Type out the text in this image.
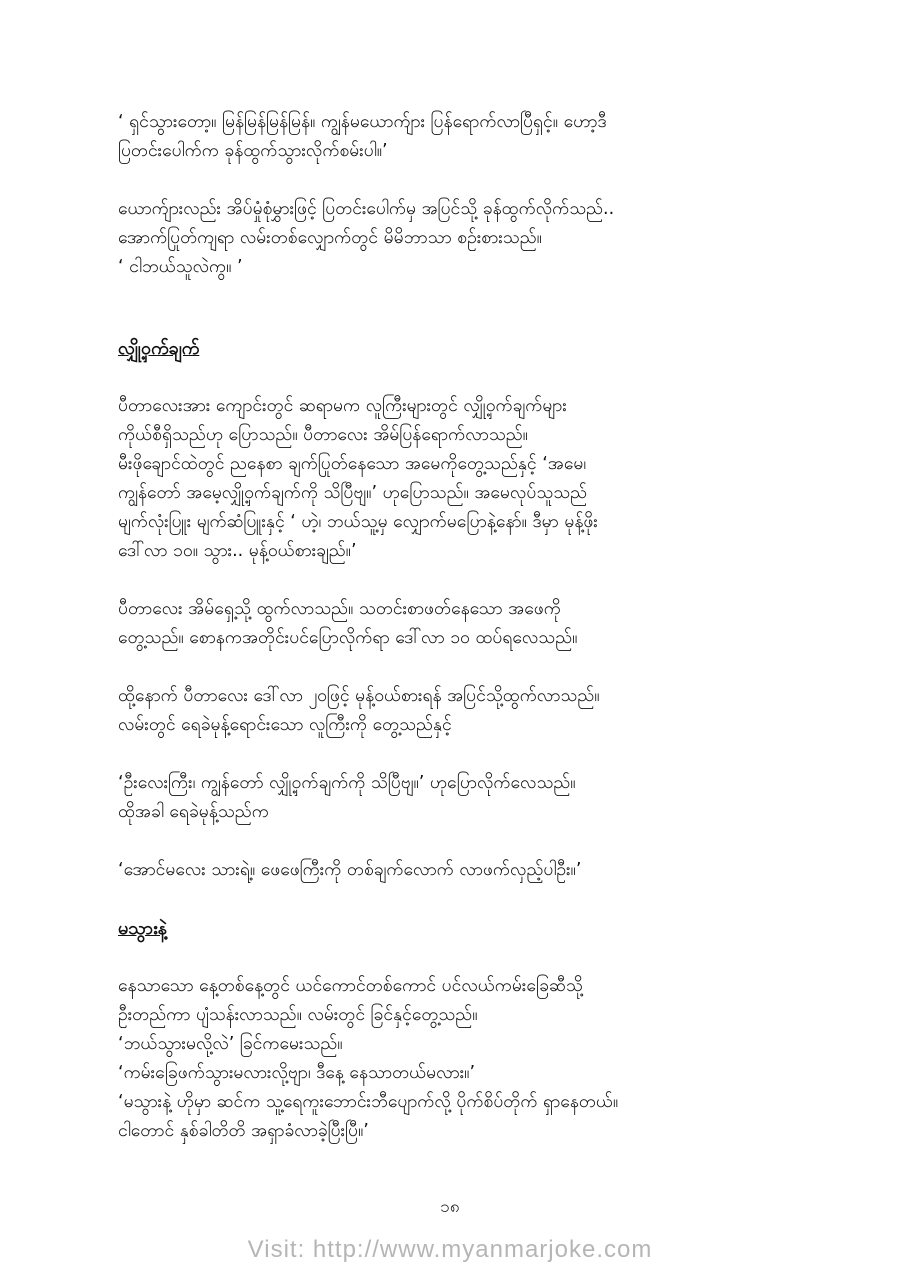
‘ ရှင်သွားတော့။ မြန်မြန်မြန်မြန်။ ကျွန်မယောက်ျား ပြန်ရောက်လာပြီရှင့်။ ဟော့ဒီ
ပြတင်းပေါက်က ခုန်ထွက်သွားလိုက်စမ်းပါ။’
ယောက်ျားလည်း အိပ်မှုံစုံမွှားဖြင့် ပြတင်းပေါက်မှ အပြင်သို့ ခုန်ထွက်လိုက်သည်..
အောက်ပြုတ်ကျရာ လမ်းတစ်လျှောက်တွင် မိမိဘာသာ စဉ်းစားသည်။
‘ ငါဘယ်သူလဲကွ။ ’
လျှို့ဝှက်ချက်
ပီတာလေးအား ကျောင်းတွင် ဆရာမက လူကြီးများတွင် လျှို့ဝှက်ချက်များ
ကိုယ်စီရှိသည်ဟု ပြောသည်။ ပီတာလေး အိမ်ပြန်ရောက်လာသည်။
မီးဖိုချောင်ထဲတွင် ညနေစာ ချက်ပြုတ်နေသော အမေကိုတွေ့သည်နှင့် ‘အမေ၊
ကျွန်တော် အမေ့လျှို့ဝှက်ချက်ကို သိပြီဗျ။’ ဟုပြောသည်။ အမေလုပ်သူသည်
မျက်လုံးပြူး မျက်ဆံပြူးနှင့် ‘ ဟဲ့၊ ဘယ်သူ့မှ လျှောက်မပြောနဲ့နော်။ ဒီမှာ မုန့်ဖိုး
ဒေါ်လာ ၁၀။ သွား.. မုန့်ဝယ်စားချည်။’
ပီတာလေး အိမ်ရှေ့သို့ ထွက်လာသည်။ သတင်းစာဖတ်နေသော အဖေကို
တွေ့သည်။ စောနကအတိုင်းပင်ပြောလိုက်ရာ ဒေါ်လာ ၁၀ ထပ်ရလေသည်။
ထို့နောက် ပီတာလေး ဒေါ်လာ ၂၀ဖြင့် မုန့်ဝယ်စားရန် အပြင်သို့ထွက်လာသည်။
လမ်းတွင် ရေခဲမုန့်ရောင်းသော လူကြီးကို တွေ့သည်နှင့်
‘ဦးလေးကြီး၊ ကျွန်တော် လျှို့ဝှက်ချက်ကို သိပြီဗျ။’ ဟုပြောလိုက်လေသည်။
ထိုအခါ ရေခဲမုန့်သည်က
‘အောင်မလေး သားရဲ့။ ဖေဖေကြီးကို တစ်ချက်လောက် လာဖက်လှည့်ပါဦး။’
မသွားနဲ့
နေသာသော နေ့တစ်နေ့တွင် ယင်ကောင်တစ်ကောင် ပင်လယ်ကမ်းခြေဆီသို့
ဦးတည်ကာ ပျံသန်းလာသည်။ လမ်းတွင် ခြင်နှင့်တွေ့သည်။
‘ဘယ်သွားမလို့လဲ’ ခြင်ကမေးသည်။
‘ကမ်းခြေဖက်သွားမလားလို့ဗျာ၊ ဒီနေ့ နေသာတယ်မလား။’
‘မသွားနဲ့ ဟိုမှာ ဆင်က သူ့ရေကူးဘောင်းဘီပျောက်လို့ ပိုက်စိပ်တိုက် ရှာနေတယ်။
ငါတောင် နှစ်ခါတိတိ အရှာခံလာခဲ့ပြီးပြီ။’
၁၈
Visit: http://www.myanmarjoke.com
